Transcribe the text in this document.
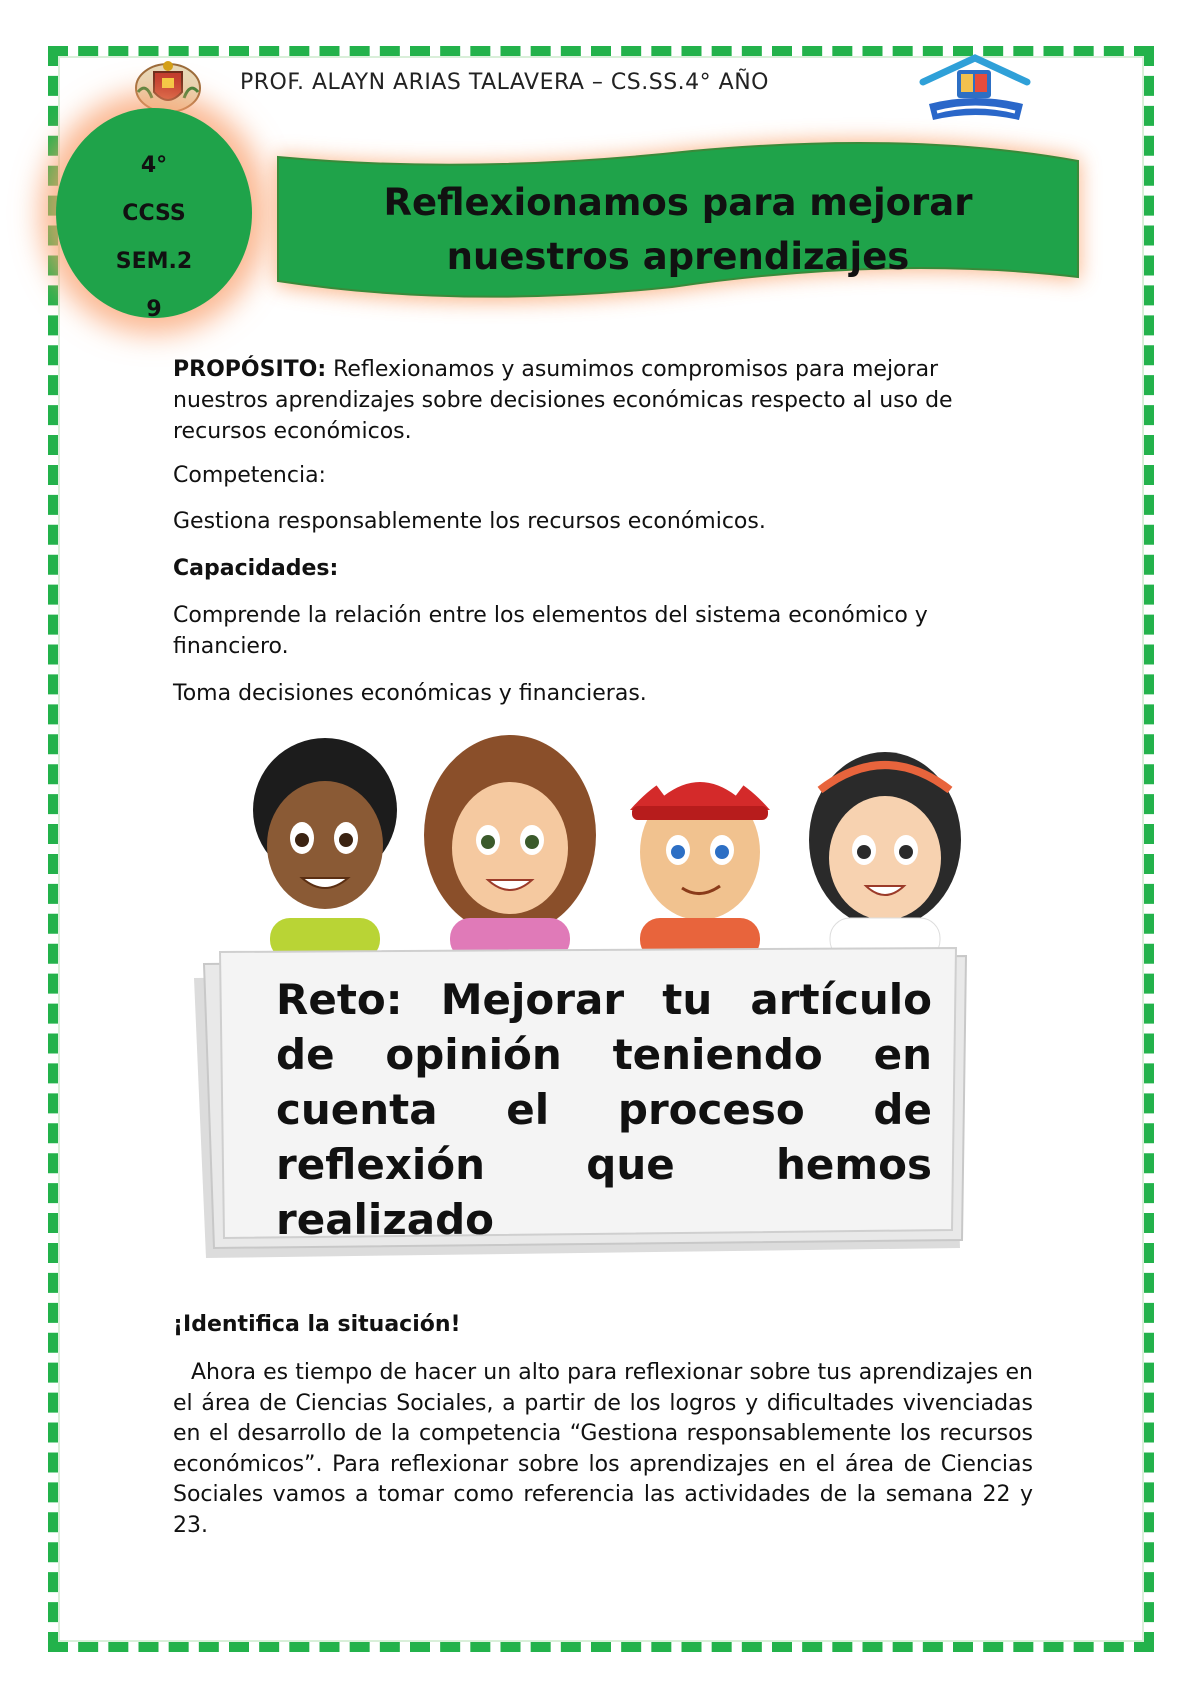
PROF. ALAYN ARIAS TALAVERA – CS.SS.4° AÑO
4°
CCSS
SEM.2
9
Reflexionamos para mejorar
nuestros aprendizajes

PROPÓSITO: Reflexionamos y asumimos compromisos para mejorar nuestros aprendizajes sobre decisiones económicas respecto al uso de recursos económicos.

Competencia:
Gestiona responsablemente los recursos económicos.
Capacidades:
Comprende la relación entre los elementos del sistema económico y financiero.
Toma decisiones económicas y financieras.
Reto: Mejorar tu artículo de opinión teniendo en cuenta el proceso de reflexión que hemos realizado
¡Identifica la situación!
Ahora es tiempo de hacer un alto para reflexionar sobre tus aprendizajes en el área de Ciencias Sociales, a partir de los logros y dificultades vivenciadas en el desarrollo de la competencia “Gestiona responsablemente los recursos económicos”. Para reflexionar sobre los aprendizajes en el área de Ciencias Sociales vamos a tomar como referencia las actividades de la semana 22 y 23.
